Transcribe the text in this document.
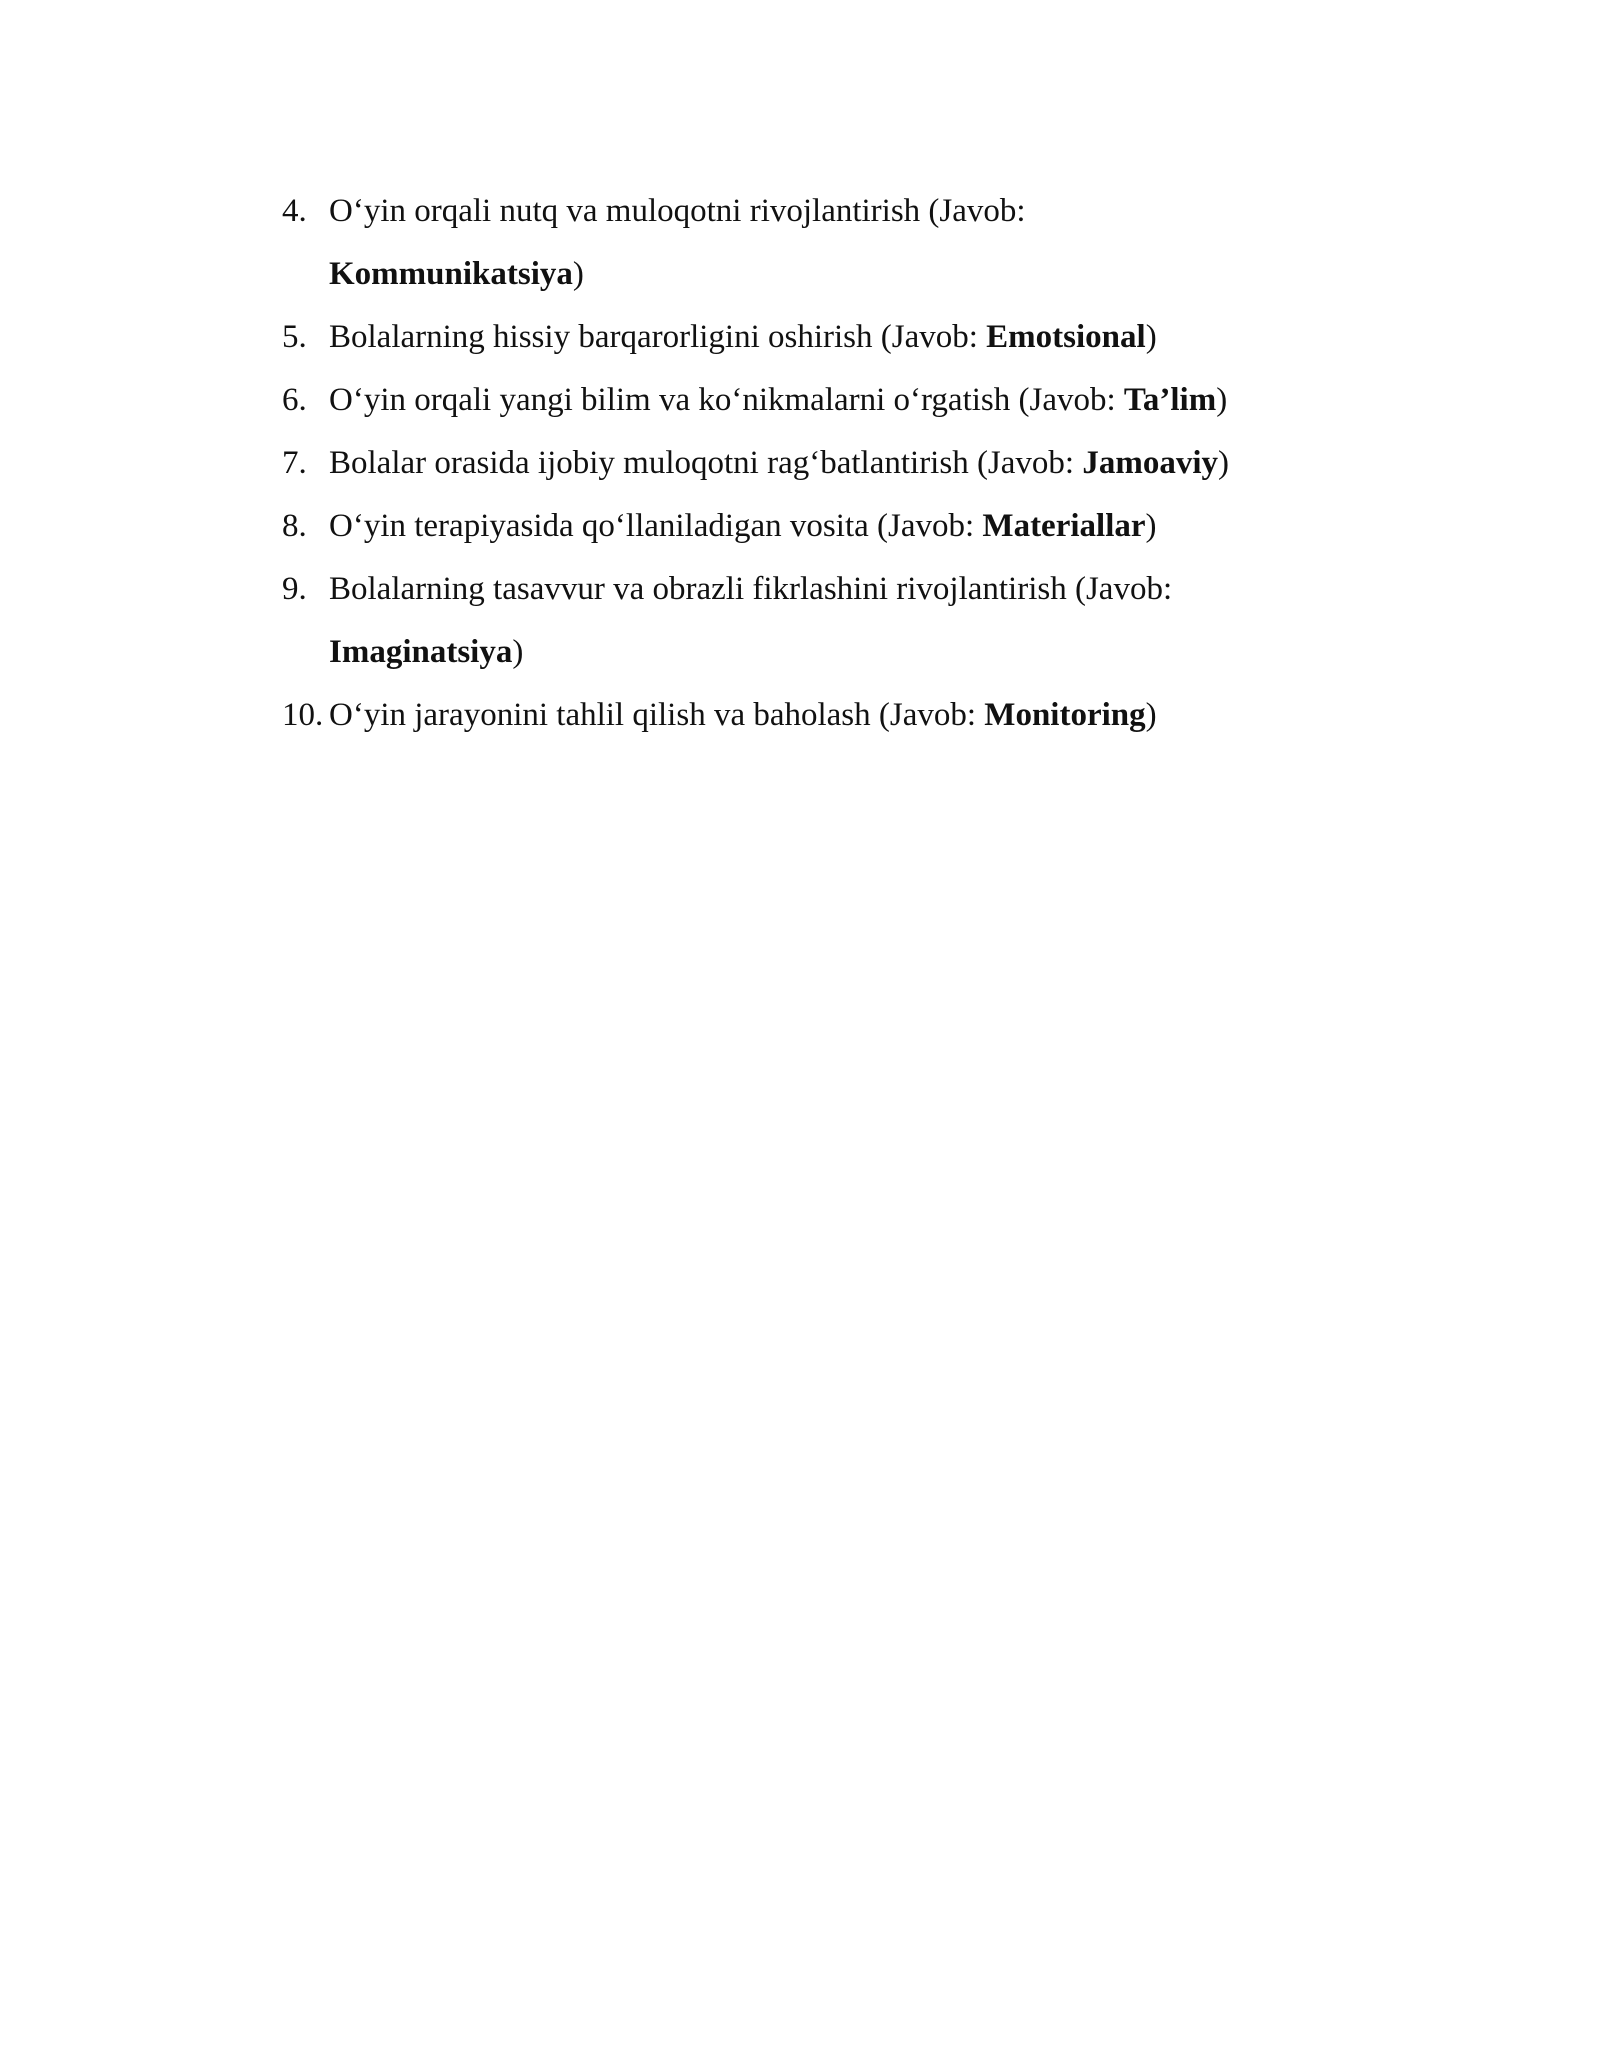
4. O‘yin orqali nutq va muloqotni rivojlantirish (Javob:
Kommunikatsiya)
5. Bolalarning hissiy barqarorligini oshirish (Javob: Emotsional)
6. O‘yin orqali yangi bilim va ko‘nikmalarni o‘rgatish (Javob: Ta’lim)
7. Bolalar orasida ijobiy muloqotni rag‘batlantirish (Javob: Jamoaviy)
8. O‘yin terapiyasida qo‘llaniladigan vosita (Javob: Materiallar)
9. Bolalarning tasavvur va obrazli fikrlashini rivojlantirish (Javob:
Imaginatsiya)
10. O‘yin jarayonini tahlil qilish va baholash (Javob: Monitoring)
